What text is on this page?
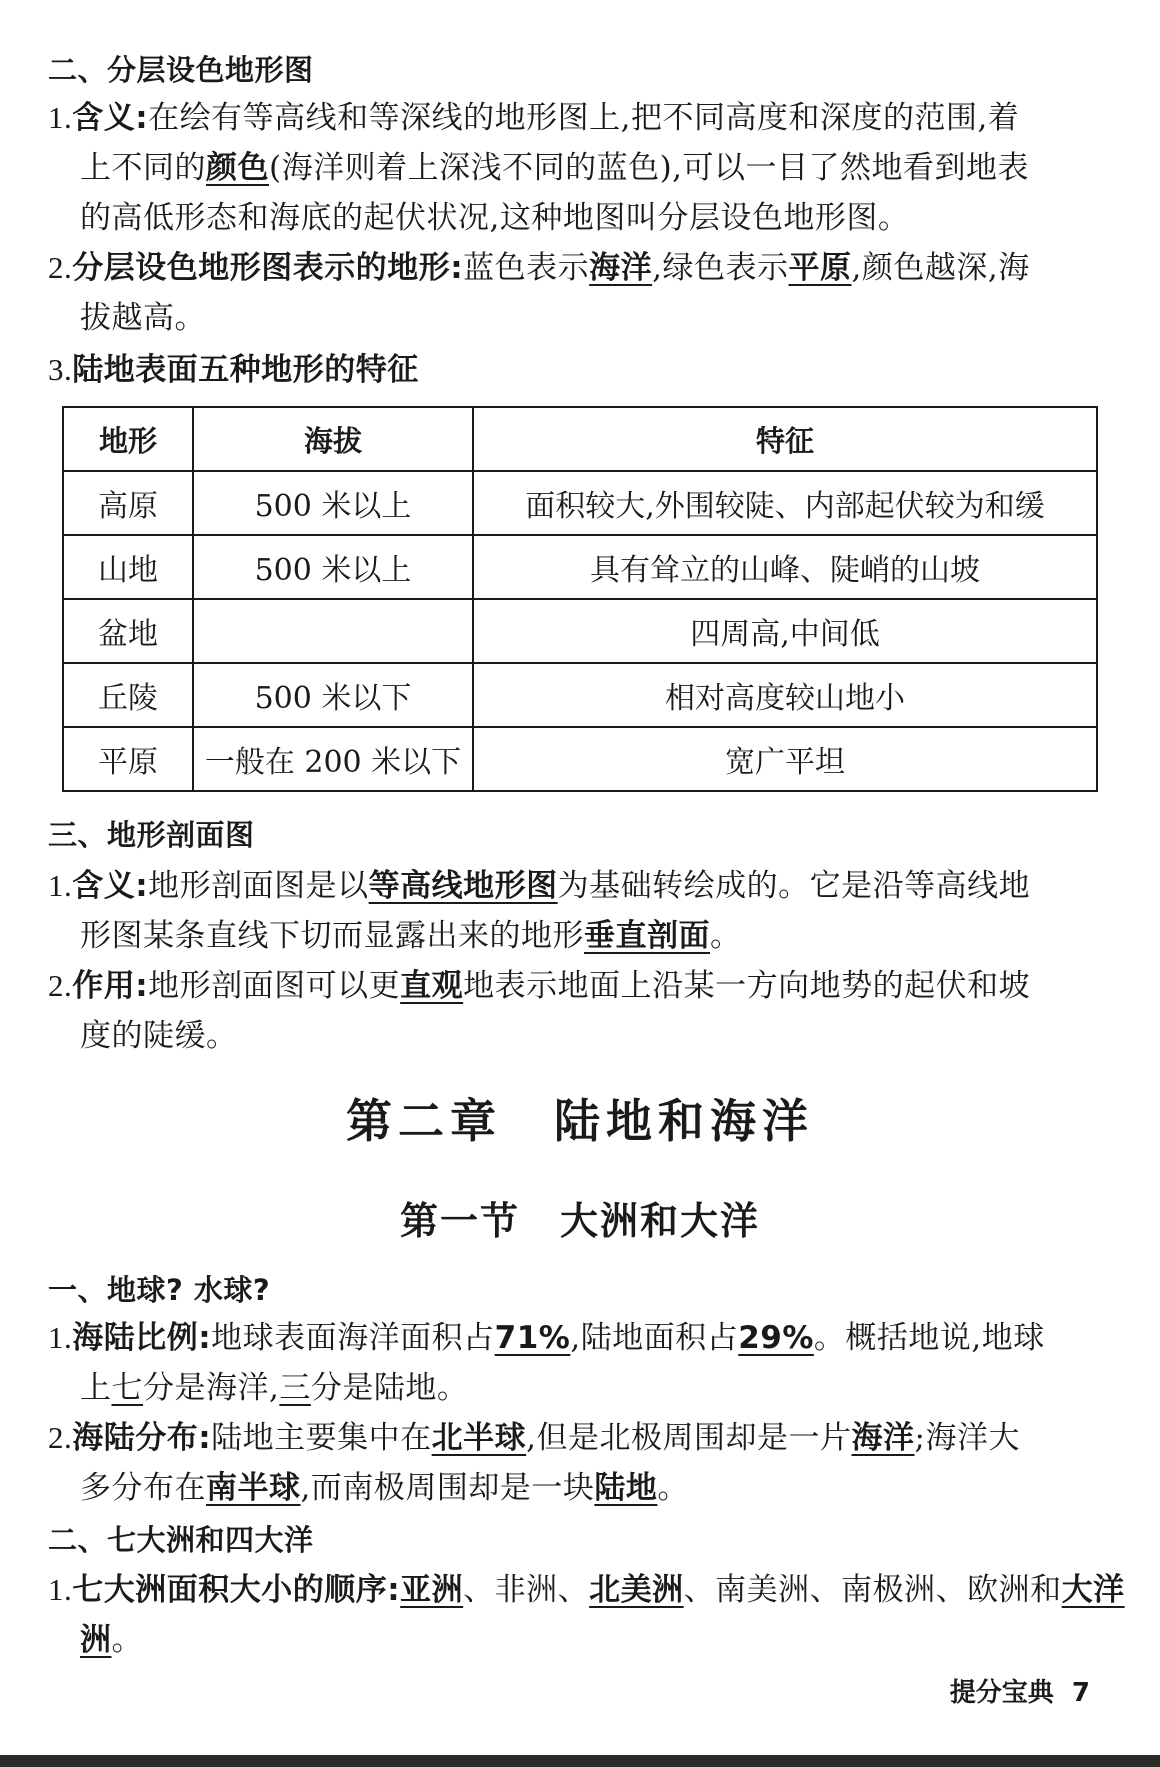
二、分层设色地形图
1.含义:在绘有等高线和等深线的地形图上,把不同高度和深度的范围,着
上不同的颜色(海洋则着上深浅不同的蓝色),可以一目了然地看到地表
的高低形态和海底的起伏状况,这种地图叫分层设色地形图。
2.分层设色地形图表示的地形:蓝色表示海洋,绿色表示平原,颜色越深,海
拔越高。
3.陆地表面五种地形的特征
地形	海拔	特征
高原	500 米以上	面积较大,外围较陡、内部起伏较为和缓
山地	500 米以上	具有耸立的山峰、陡峭的山坡
盆地		四周高,中间低
丘陵	500 米以下	相对高度较山地小
平原	一般在 200 米以下	宽广平坦
三、地形剖面图
1.含义:地形剖面图是以等高线地形图为基础转绘成的。它是沿等高线地
形图某条直线下切而显露出来的地形垂直剖面。
2.作用:地形剖面图可以更直观地表示地面上沿某一方向地势的起伏和坡
度的陡缓。
第二章　陆地和海洋
第一节　大洲和大洋
一、地球? 水球?
1.海陆比例:地球表面海洋面积占71%,陆地面积占29%。概括地说,地球
上七分是海洋,三分是陆地。
2.海陆分布:陆地主要集中在北半球,但是北极周围却是一片海洋;海洋大
多分布在南半球,而南极周围却是一块陆地。
二、七大洲和四大洋
1.七大洲面积大小的顺序:亚洲、非洲、北美洲、南美洲、南极洲、欧洲和大洋
洲。
提分宝典 7
